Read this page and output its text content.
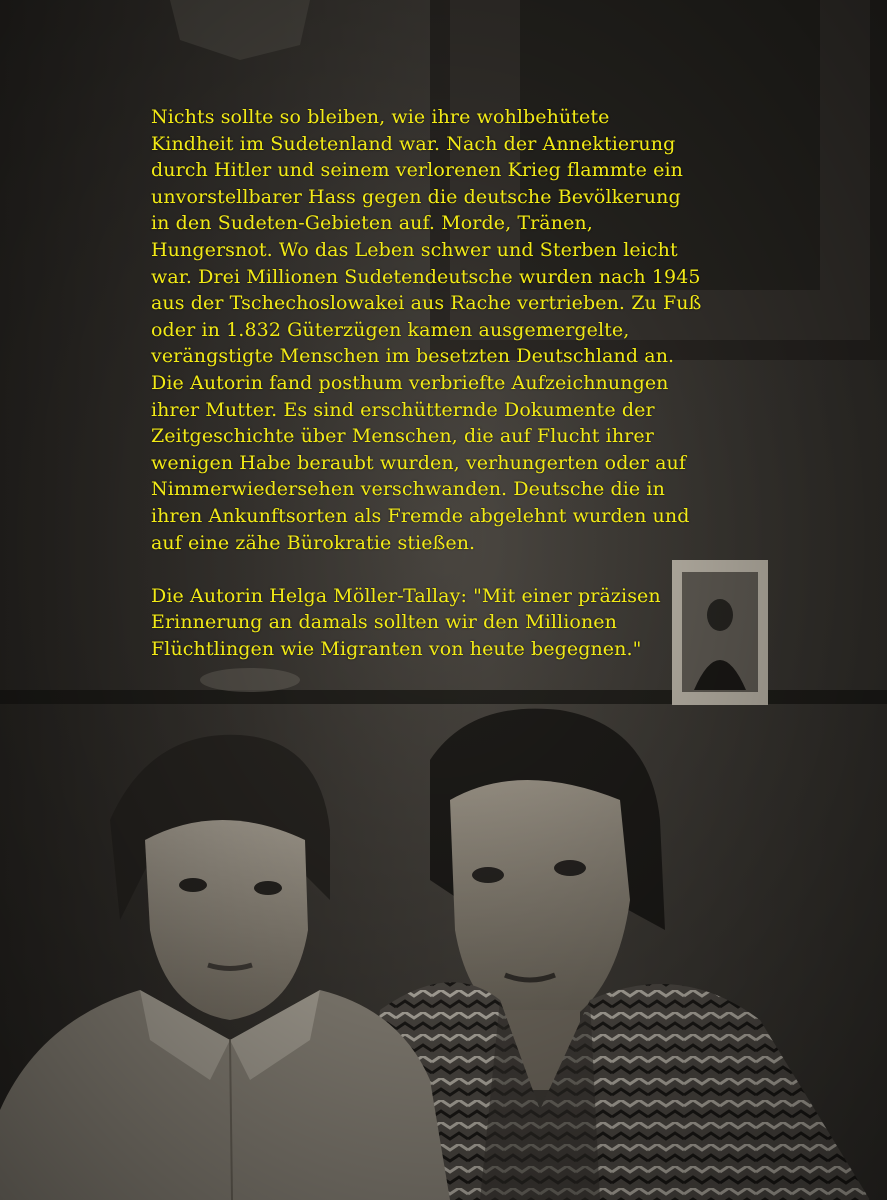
Nichts sollte so bleiben, wie ihre wohlbehütete
Kindheit im Sudetenland war. Nach der Annektierung
durch Hitler und seinem verlorenen Krieg flammte ein
unvorstellbarer Hass gegen die deutsche Bevölkerung
in den Sudeten-Gebieten auf. Morde, Tränen,
Hungersnot. Wo das Leben schwer und Sterben leicht
war. Drei Millionen Sudetendeutsche wurden nach 1945
aus der Tschechoslowakei aus Rache vertrieben. Zu Fuß
oder in 1.832 Güterzügen kamen ausgemergelte,
verängstigte Menschen im besetzten Deutschland an.
Die Autorin fand posthum verbriefte Aufzeichnungen
ihrer Mutter. Es sind erschütternde Dokumente der
Zeitgeschichte über Menschen, die auf Flucht ihrer
wenigen Habe beraubt wurden, verhungerten oder auf
Nimmerwiedersehen verschwanden. Deutsche die in
ihren Ankunftsorten als Fremde abgelehnt wurden und
auf eine zähe Bürokratie stießen.
Die Autorin Helga Möller-Tallay: "Mit einer präzisen
Erinnerung an damals sollten wir den Millionen
Flüchtlingen wie Migranten von heute begegnen."
